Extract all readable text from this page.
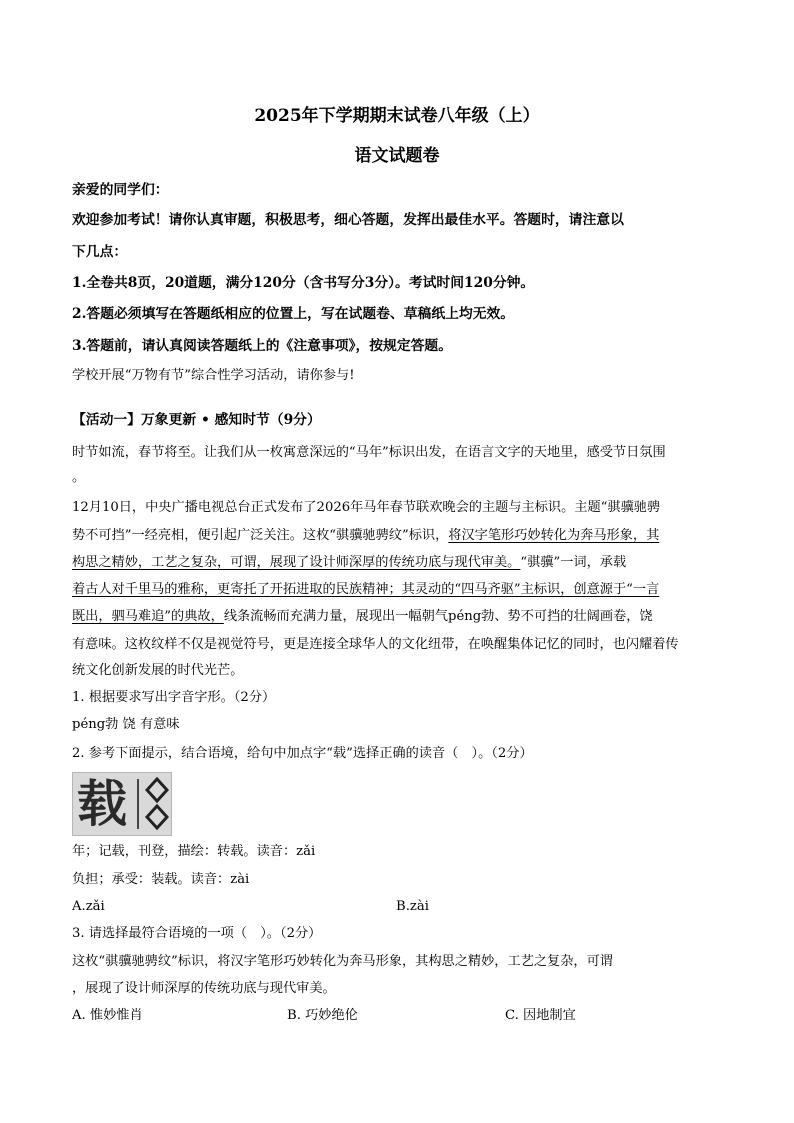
2025年下学期期末试卷八年级（上）
语文试题卷
亲爱的同学们：
欢迎参加考试！请你认真审题，积极思考，细心答题，发挥出最佳水平。答题时，请注意以
下几点：
1.全卷共8页，20道题，满分120分（含书写分3分）。考试时间120分钟。
2.答题必须填写在答题纸相应的位置上，写在试题卷、草稿纸上均无效。
3.答题前，请认真阅读答题纸上的《注意事项》，按规定答题。
学校开展“万物有节”综合性学习活动，请你参与!
【活动一】万象更新 • 感知时节（9分）
时节如流，春节将至。让我们从一枚寓意深远的“马年”标识出发，在语言文字的天地里，感受节日氛围
。
12月10日，中央广播电视总台正式发布了2026年马年春节联欢晚会的主题与主标识。主题“骐骥驰骋
势不可挡”一经亮相，便引起广泛关注。这枚“骐骥驰骋纹”标识，将汉字笔形巧妙转化为奔马形象，其
构思之精妙，工艺之复杂，可谓，展现了设计师深厚的传统功底与现代审美。“骐骥”一词，承载
着古人对千里马的雅称，更寄托了开拓进取的民族精神；其灵动的“四马齐驱”主标识，创意源于“一言
既出，驷马难追”的典故，线条流畅而充满力量，展现出一幅朝气péng勃、势不可挡的壮阔画卷，饶
有意味。这枚纹样不仅是视觉符号，更是连接全球华人的文化纽带，在唤醒集体记忆的同时，也闪耀着传
统文化创新发展的时代光芒。
1. 根据要求写出字音字形。（2分）
péng勃 饶 有意味
2. 参考下面提示，结合语境，给句中加点字“载”选择正确的读音（　）。（2分）
载
年；记载，刊登，描绘：转载。读音：zǎi
负担；承受：装载。读音：zài
A.zǎi	B.zài
3. 请选择最符合语境的一项（　）。（2分）
这枚“骐骥驰骋纹”标识，将汉字笔形巧妙转化为奔马形象，其构思之精妙，工艺之复杂，可谓
，展现了设计师深厚的传统功底与现代审美。
A. 惟妙惟肖	B. 巧妙绝伦	C. 因地制宜
